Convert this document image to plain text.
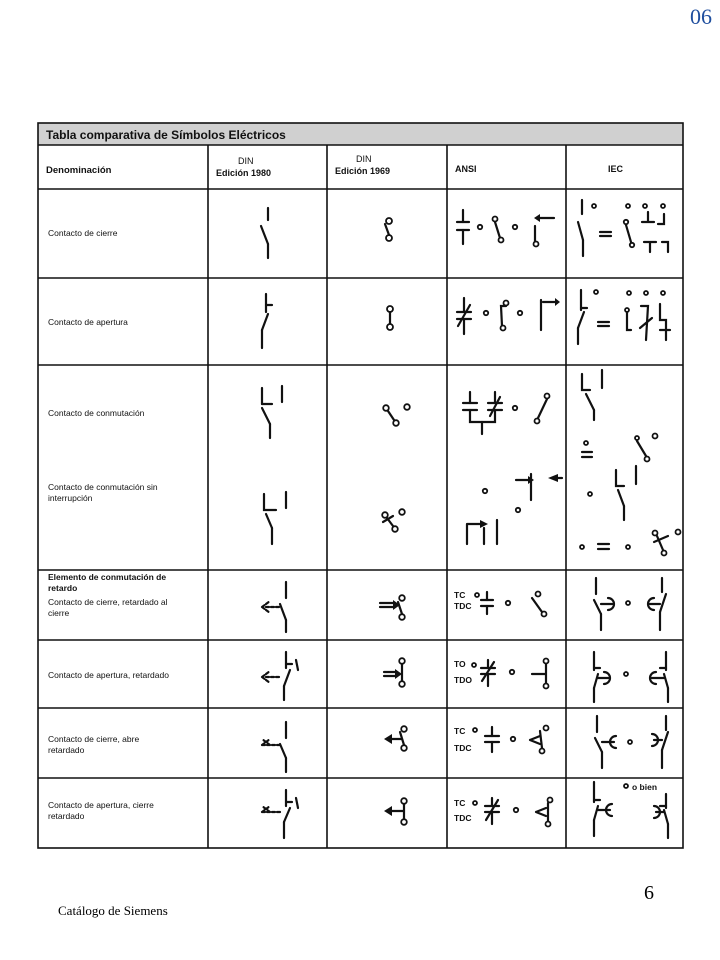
06
Tabla comparativa de Símbolos Eléctricos
Denominación
DIN
Edición 1980
DIN
Edición 1969	ANSI	IEC
Contacto de cierre
Contacto de apertura
Contacto de conmutación
Contacto de conmutación sin
interrupción
Elemento de conmutación de
retardo
Contacto de cierre, retardado al
cierre
Contacto de apertura, retardado
Contacto de cierre, abre
retardado
Contacto de apertura, cierre
retardado
TC
TDC
TO
TDO
TC
TDC
TC
TDC
o bien
6
Catálogo de Siemens
